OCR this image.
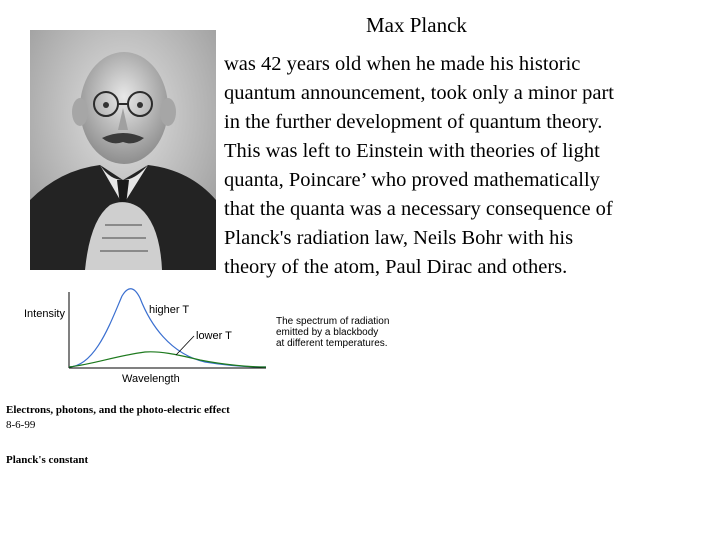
Max Planck
was 42 years old when he made his historic
quantum announcement, took only a minor part
in the further development of quantum theory.
This was left to Einstein with theories of light
quanta, Poincare’ who proved mathematically
that the quanta was a necessary consequence of
Planck's radiation law, Neils Bohr with his
theory of the atom, Paul Dirac and others.
Intensity	higher T
lower T
Wavelength
The spectrum of radiation
emitted by a blackbody
at different temperatures.
Electrons, photons, and the photo-electric effect
8-6-99
Planck's constant
